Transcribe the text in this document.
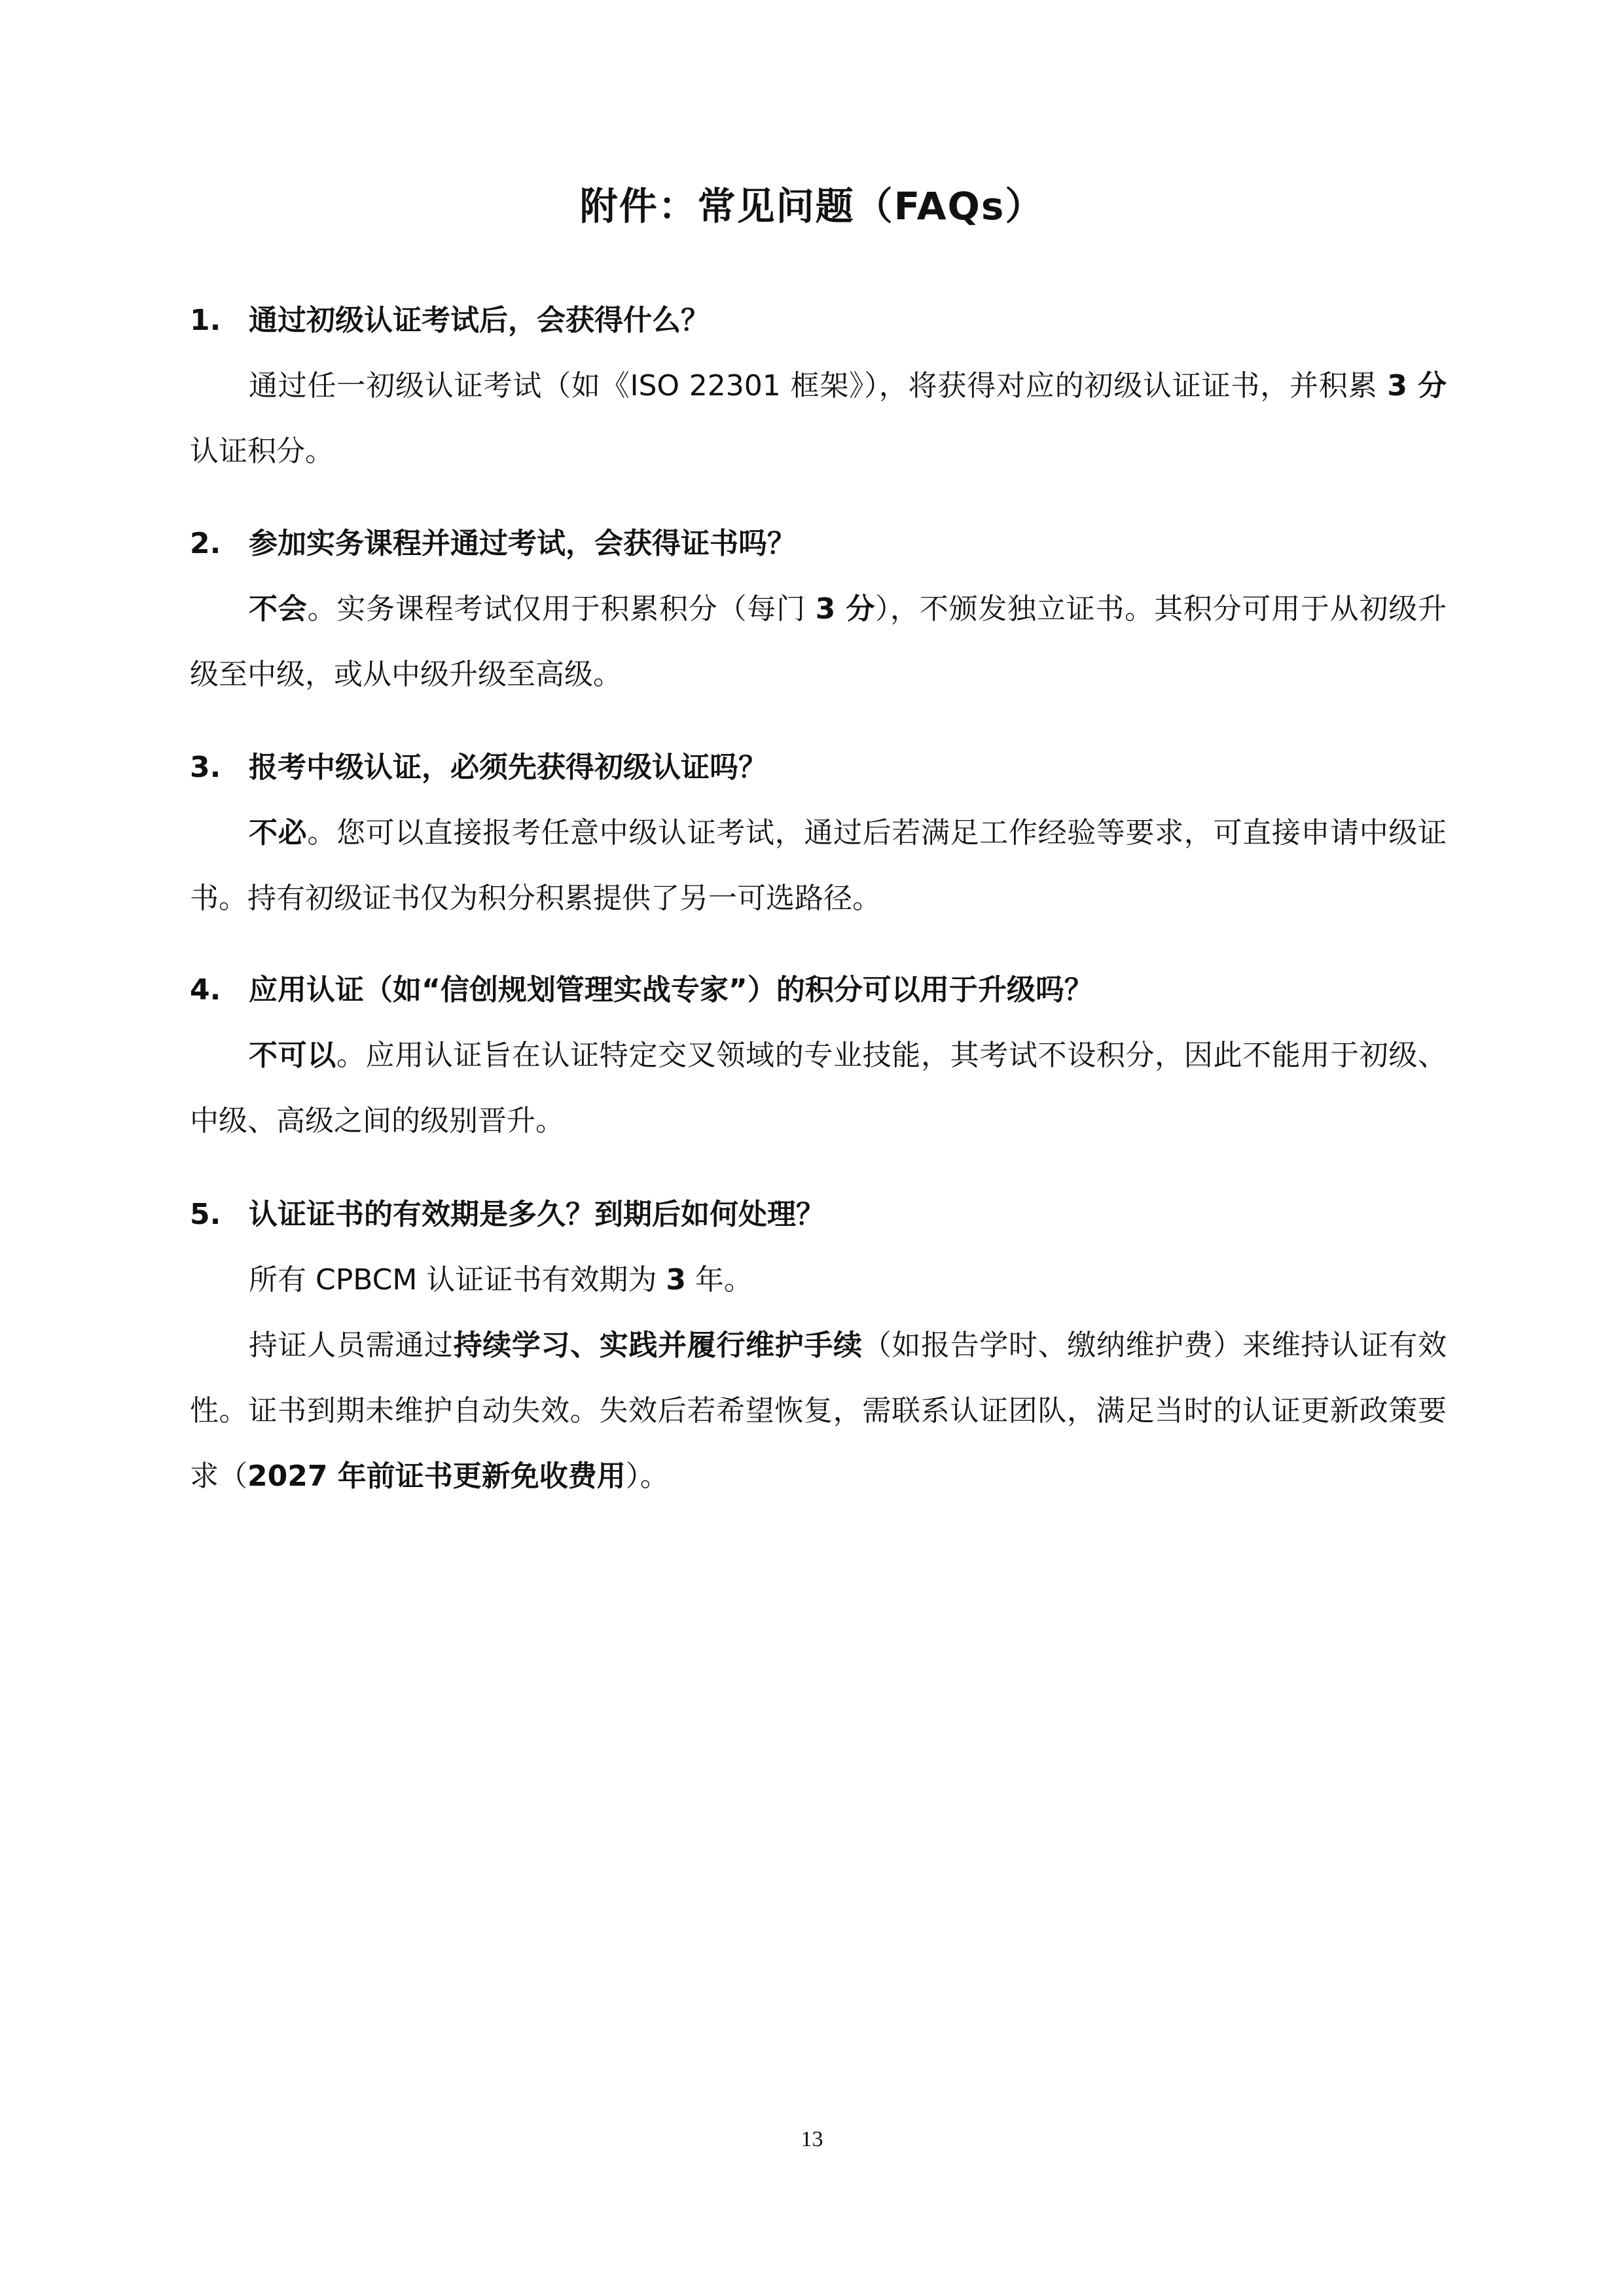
附件：常见问题（FAQs）
1. 通过初级认证考试后，会获得什么？
通过任一初级认证考试（如《ISO 22301 框架》），将获得对应的初级认证证书，并积累 3 分认证积分。
2. 参加实务课程并通过考试，会获得证书吗？
不会。实务课程考试仅用于积累积分（每门 3 分），不颁发独立证书。其积分可用于从初级升级至中级，或从中级升级至高级。
3. 报考中级认证，必须先获得初级认证吗？
不必。您可以直接报考任意中级认证考试，通过后若满足工作经验等要求，可直接申请中级证书。持有初级证书仅为积分积累提供了另一可选路径。
4. 应用认证（如“信创规划管理实战专家”）的积分可以用于升级吗？
不可以。应用认证旨在认证特定交叉领域的专业技能，其考试不设积分，因此不能用于初级、中级、高级之间的级别晋升。
5. 认证证书的有效期是多久？到期后如何处理？
所有 CPBCM 认证证书有效期为 3 年。
持证人员需通过持续学习、实践并履行维护手续（如报告学时、缴纳维护费）来维持认证有效性。证书到期未维护自动失效。失效后若希望恢复，需联系认证团队，满足当时的认证更新政策要求（2027 年前证书更新免收费用）。
13
